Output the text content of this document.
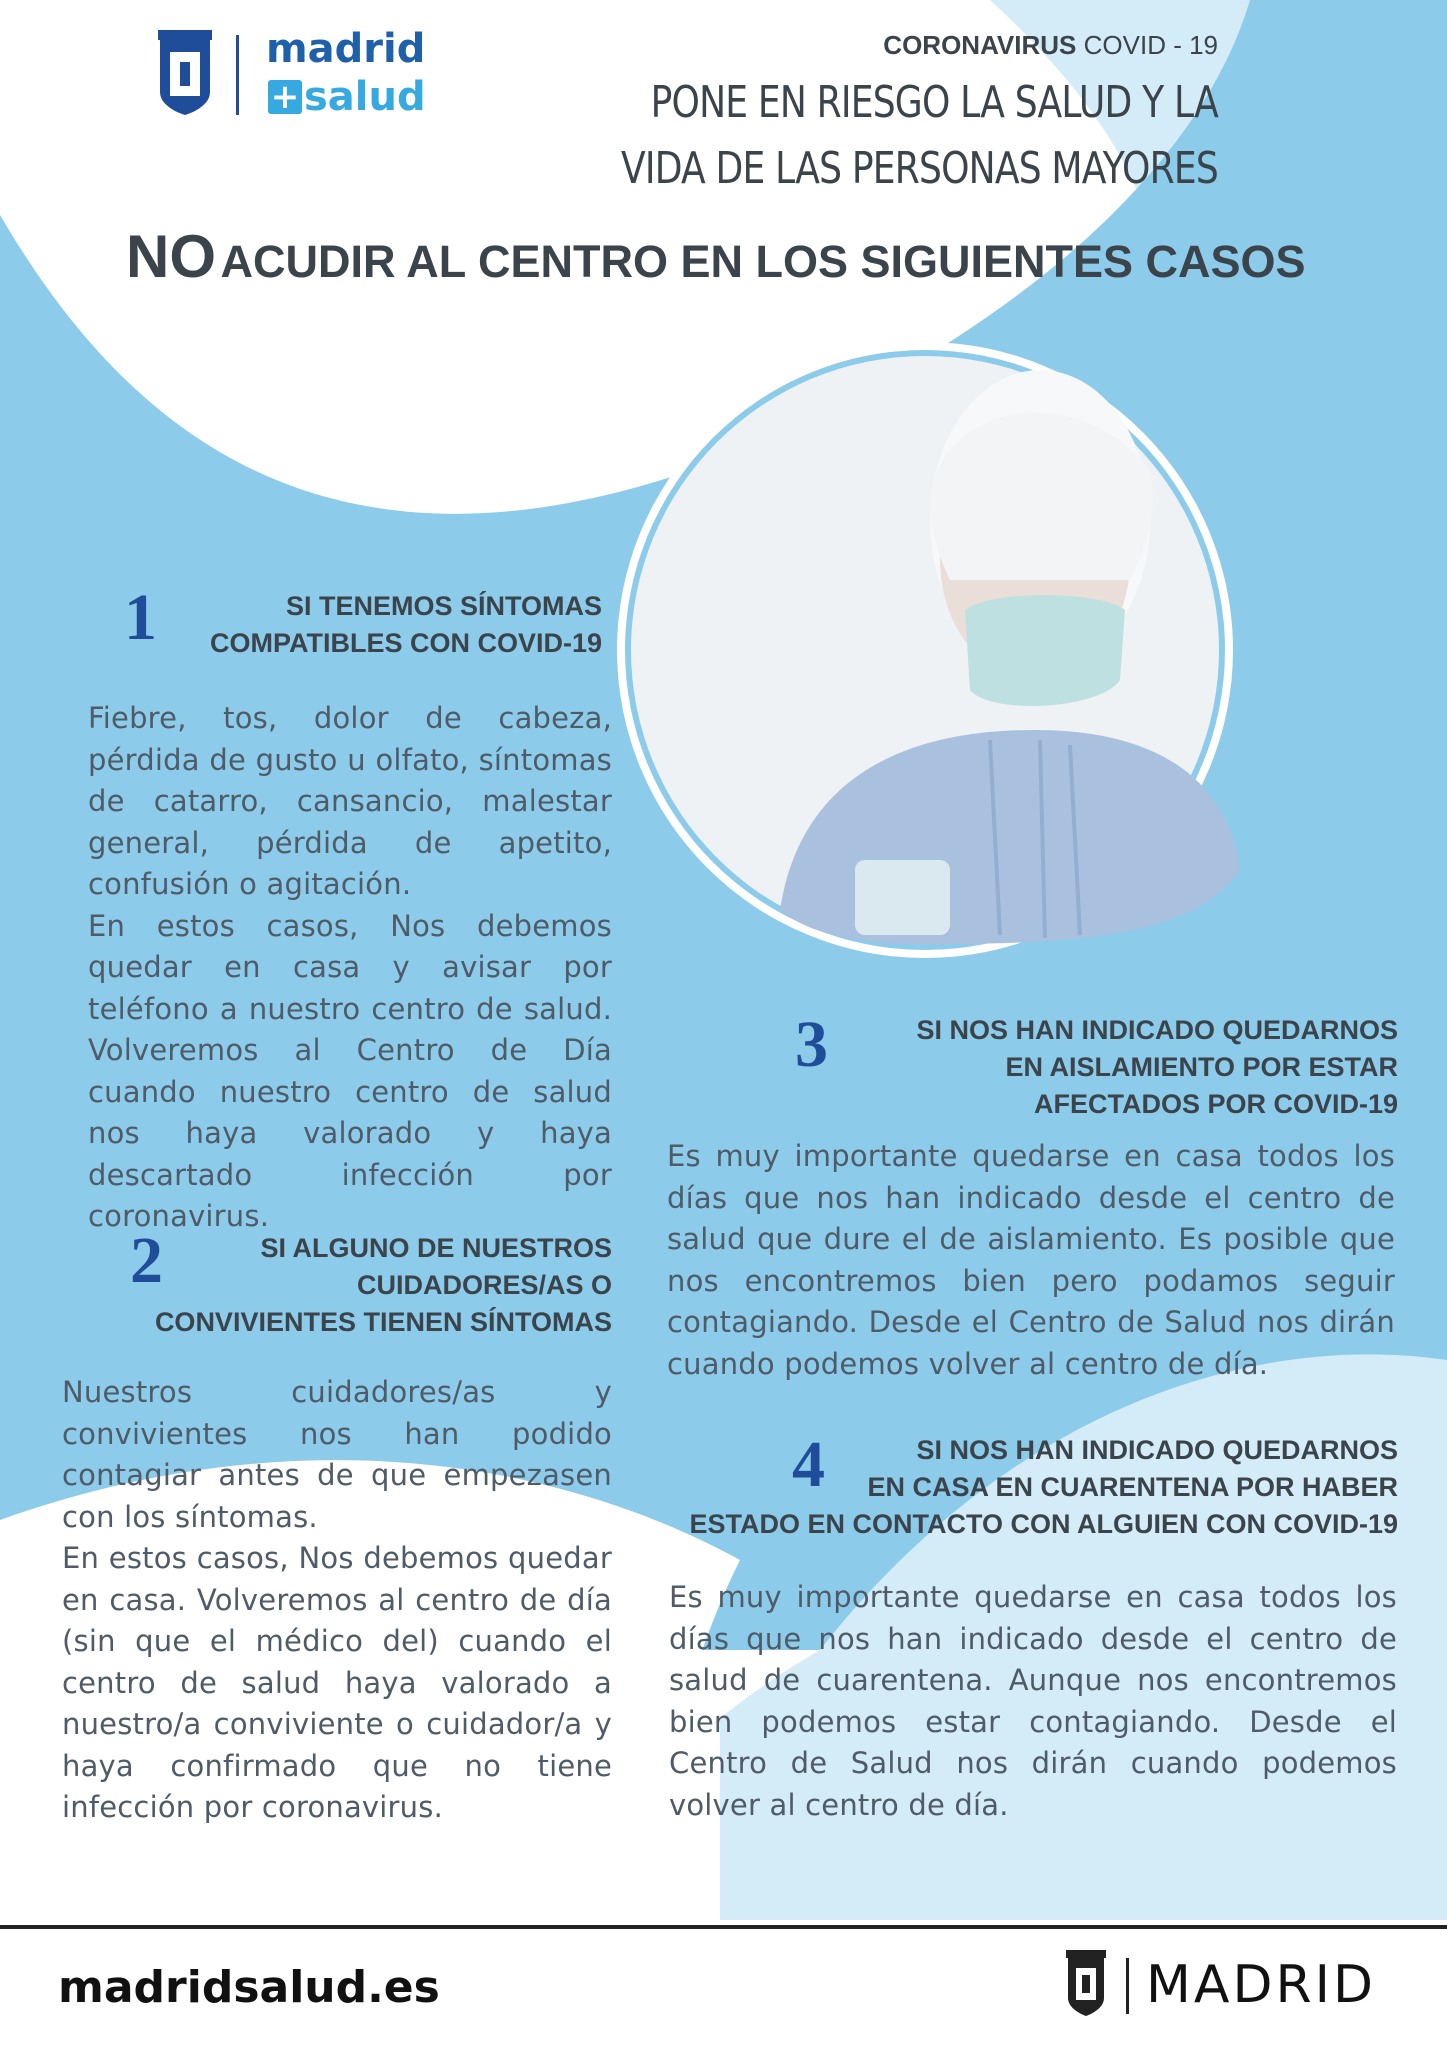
madrid
+ salud
CORONAVIRUS COVID - 19
PONE EN RIESGO LA SALUD Y LA
VIDA DE LAS PERSONAS MAYORES
NO ACUDIR AL CENTRO EN LOS SIGUIENTES CASOS
1	SI TENEMOS SÍNTOMAS
COMPATIBLES CON COVID-19

Fiebre, tos, dolor de cabeza, pérdida de gusto u olfato, síntomas de catarro, cansancio, malestar general, pérdida de apetito, confusión o agitación.

En estos casos, Nos debemos quedar en casa y avisar por teléfono a nuestro centro de salud. Volveremos al Centro de Día cuando nuestro centro de salud nos haya valorado y haya descartado infección por coronavirus.

2	SI ALGUNO DE NUESTROS
CUIDADORES/AS O
CONVIVIENTES TIENEN SÍNTOMAS

Nuestros cuidadores/as y convivientes nos han podido contagiar antes de que empezasen con los síntomas.

En estos casos, Nos debemos quedar en casa. Volveremos al centro de día (sin que el médico del) cuando el centro de salud haya valorado a nuestro/a conviviente o cuidador/a y haya confirmado que no tiene infección por coronavirus.

3	SI NOS HAN INDICADO QUEDARNOS
EN AISLAMIENTO POR ESTAR
AFECTADOS POR COVID-19

Es muy importante quedarse en casa todos los días que nos han indicado desde el centro de salud que dure el de aislamiento. Es posible que nos encontremos bien pero podamos seguir contagiando. Desde el Centro de Salud nos dirán cuando podemos volver al centro de día.

4	SI NOS HAN INDICADO QUEDARNOS
EN CASA EN CUARENTENA POR HABER
ESTADO EN CONTACTO CON ALGUIEN CON COVID-19

Es muy importante quedarse en casa todos los días que nos han indicado desde el centro de salud de cuarentena. Aunque nos encontremos bien podemos estar contagiando. Desde el Centro de Salud nos dirán cuando podemos volver al centro de día.

madridsalud.es	MADRID
